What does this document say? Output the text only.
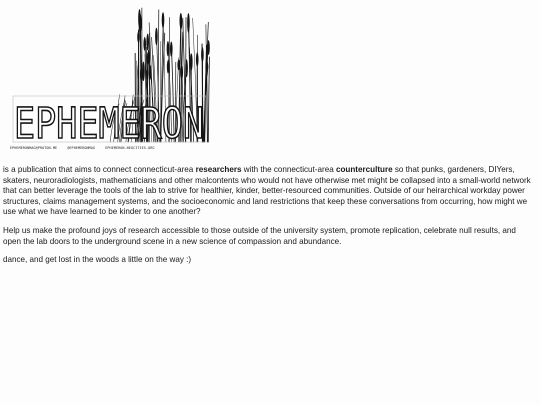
EPHEMERON
EPHEMERONMAG@PROTON.ME	@EPHEMERONMAG	EPHEMERON.NEOCITIES.ORG

is a publication that aims to connect connecticut-area researchers with the connecticut-area counterculture so that punks, gardeners, DIYers, skaters, neuroradiologists, mathematicians and other malcontents who would not have otherwise met might be collapsed into a small-world network that can better leverage the tools of the lab to strive for healthier, kinder, better-resourced communities. Outside of our heirarchical workday power structures, claims management systems, and the socioeconomic and land restrictions that keep these conversations from occurring, how might we use what we have learned to be kinder to one another?

Help us make the profound joys of research accessible to those outside of the university system, promote replication, celebrate null results, and open the lab doors to the underground scene in a new science of compassion and abundance.

dance, and get lost in the woods a little on the way :)
